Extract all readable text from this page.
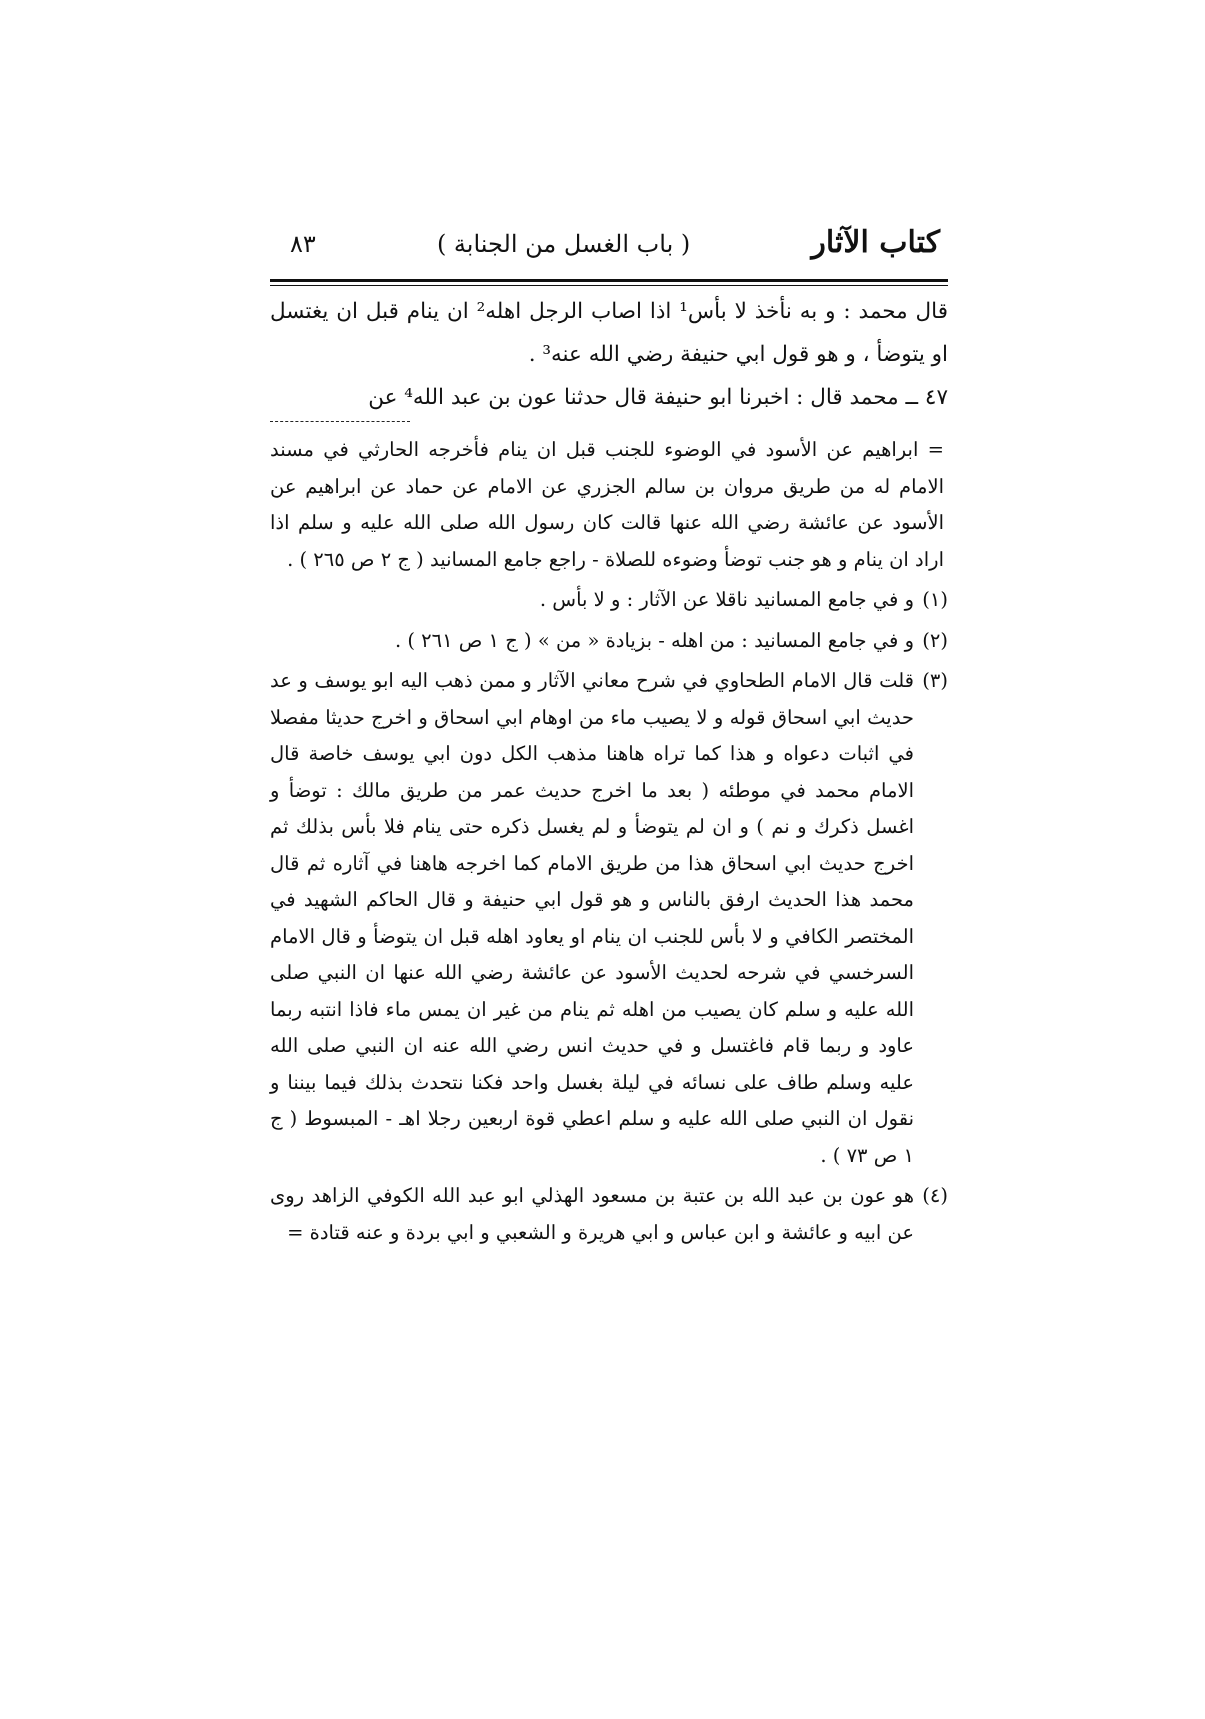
كتاب الآثار
( باب الغسل من الجنابة )
٨٣

قال محمد : و به نأخذ لا بأس¹ اذا اصاب الرجل اهله² ان ينام قبل ان يغتسل او يتوضأ ، و هو قول ابي حنيفة رضي الله عنه³ .

٤٧ ــ محمد قال : اخبرنا ابو حنيفة قال حدثنا عون بن عبد الله⁴ عن

= ابراهيم عن الأسود في الوضوء للجنب قبل ان ينام فأخرجه الحارثي في مسند الامام له من طريق مروان بن سالم الجزري عن الامام عن حماد عن ابراهيم عن الأسود عن عائشة رضي الله عنها قالت كان رسول الله صلى الله عليه و سلم اذا اراد ان ينام و هو جنب توضأ وضوءه للصلاة - راجع جامع المسانيد ( ج ٢ ص ٢٦٥ ) .

(١)
و في جامع المسانيد ناقلا عن الآثار : و لا بأس .

(٢)
و في جامع المسانيد : من اهله - بزيادة « من » ( ج ١ ص ٢٦١ ) .

(٣)
قلت قال الامام الطحاوي في شرح معاني الآثار و ممن ذهب اليه ابو يوسف و عد حديث ابي اسحاق قوله و لا يصيب ماء من اوهام ابي اسحاق و اخرج حديثا مفصلا في اثبات دعواه و هذا كما تراه هاهنا مذهب الكل دون ابي يوسف خاصة قال الامام محمد في موطئه ( بعد ما اخرج حديث عمر من طريق مالك : توضأ و اغسل ذكرك و نم ) و ان لم يتوضأ و لم يغسل ذكره حتى ينام فلا بأس بذلك ثم اخرج حديث ابي اسحاق هذا من طريق الامام كما اخرجه هاهنا في آثاره ثم قال محمد هذا الحديث ارفق بالناس و هو قول ابي حنيفة و قال الحاكم الشهيد في المختصر الكافي و لا بأس للجنب ان ينام او يعاود اهله قبل ان يتوضأ و قال الامام السرخسي في شرحه لحديث الأسود عن عائشة رضي الله عنها ان النبي صلى الله عليه و سلم كان يصيب من اهله ثم ينام من غير ان يمس ماء فاذا انتبه ربما عاود و ربما قام فاغتسل و في حديث انس رضي الله عنه ان النبي صلى الله عليه وسلم طاف على نسائه في ليلة بغسل واحد فكنا نتحدث بذلك فيما بيننا و نقول ان النبي صلى الله عليه و سلم اعطي قوة اربعين رجلا اهـ - المبسوط ( ج ١ ص ٧٣ ) .

(٤)
هو عون بن عبد الله بن عتبة بن مسعود الهذلي ابو عبد الله الكوفي الزاهد روى عن ابيه و عائشة و ابن عباس و ابي هريرة و الشعبي و ابي بردة و عنه قتادة =
